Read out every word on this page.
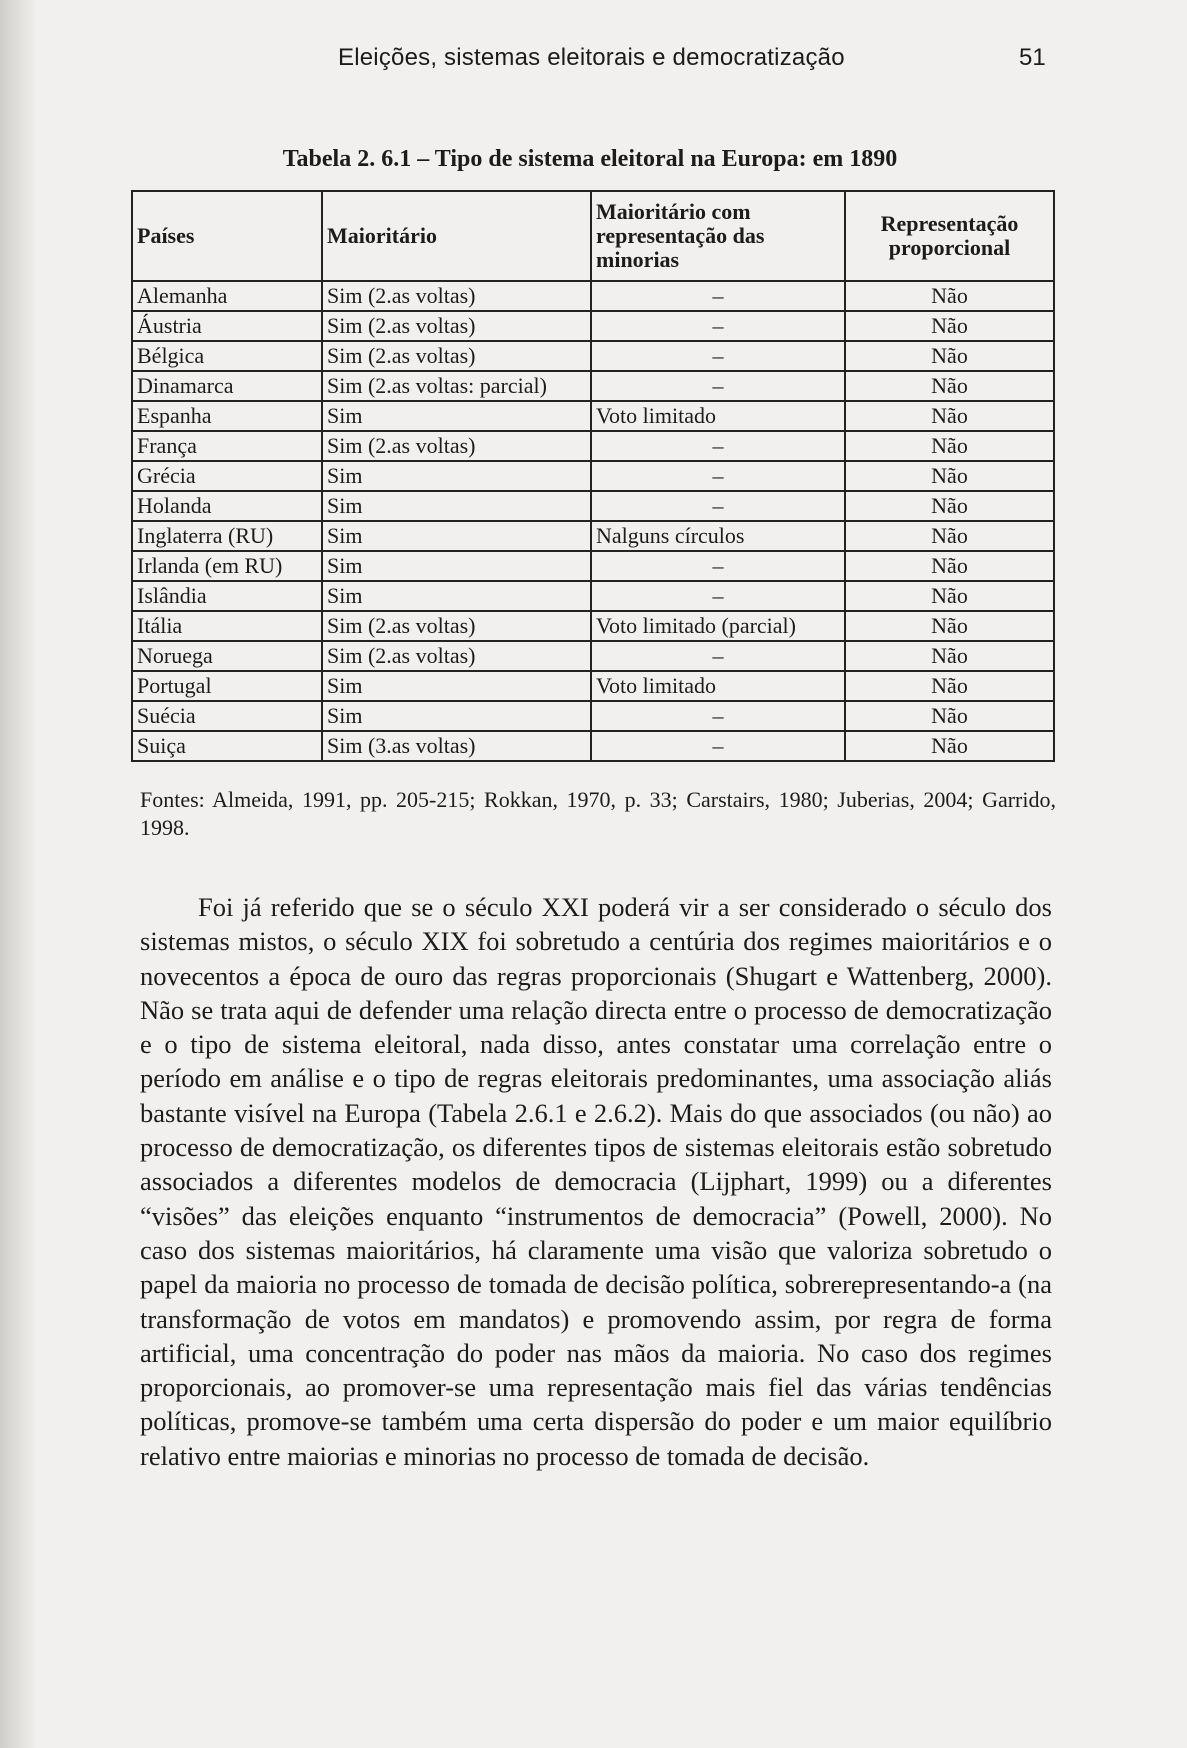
Eleições, sistemas eleitorais e democratização	51
Tabela 2. 6.1 – Tipo de sistema eleitoral na Europa: em 1890
Países	Maioritário	Maioritário com representação das minorias	Representação proporcional
Alemanha	Sim (2.as voltas)	–	Não
Áustria	Sim (2.as voltas)	–	Não
Bélgica	Sim (2.as voltas)	–	Não
Dinamarca	Sim (2.as voltas: parcial)	–	Não
Espanha	Sim	Voto limitado	Não
França	Sim (2.as voltas)	–	Não
Grécia	Sim	–	Não
Holanda	Sim	–	Não
Inglaterra (RU)	Sim	Nalguns círculos	Não
Irlanda (em RU)	Sim	–	Não
Islândia	Sim	–	Não
Itália	Sim (2.as voltas)	Voto limitado (parcial)	Não
Noruega	Sim (2.as voltas)	–	Não
Portugal	Sim	Voto limitado	Não
Suécia	Sim	–	Não
Suiça	Sim (3.as voltas)	–	Não
Fontes: Almeida, 1991, pp. 205-215; Rokkan, 1970, p. 33; Carstairs, 1980; Juberias, 2004; Garrido, 1998.

Foi já referido que se o século XXI poderá vir a ser considerado o século dos sistemas mistos, o século XIX foi sobretudo a centúria dos regimes maioritários e o novecentos a época de ouro das regras proporcionais (Shugart e Wattenberg, 2000). Não se trata aqui de defender uma relação directa entre o processo de democratização e o tipo de sistema eleitoral, nada disso, antes constatar uma correlação entre o período em análise e o tipo de regras eleitorais predominantes, uma associação aliás bastante visível na Europa (Tabela 2.6.1 e 2.6.2). Mais do que associados (ou não) ao processo de democratização, os diferentes tipos de sistemas eleitorais estão sobretudo associados a diferentes modelos de democracia (Lijphart, 1999) ou a diferentes “visões” das eleições enquanto “instrumentos de democracia” (Powell, 2000). No caso dos sistemas maioritários, há claramente uma visão que valoriza sobretudo o papel da maioria no processo de tomada de decisão política, sobrerepresentando-a (na transformação de votos em mandatos) e promovendo assim, por regra de forma artificial, uma concentração do poder nas mãos da maioria. No caso dos regimes proporcionais, ao promover-se uma representação mais fiel das várias tendências políticas, promove-se também uma certa dispersão do poder e um maior equilíbrio relativo entre maiorias e minorias no processo de tomada de decisão.
